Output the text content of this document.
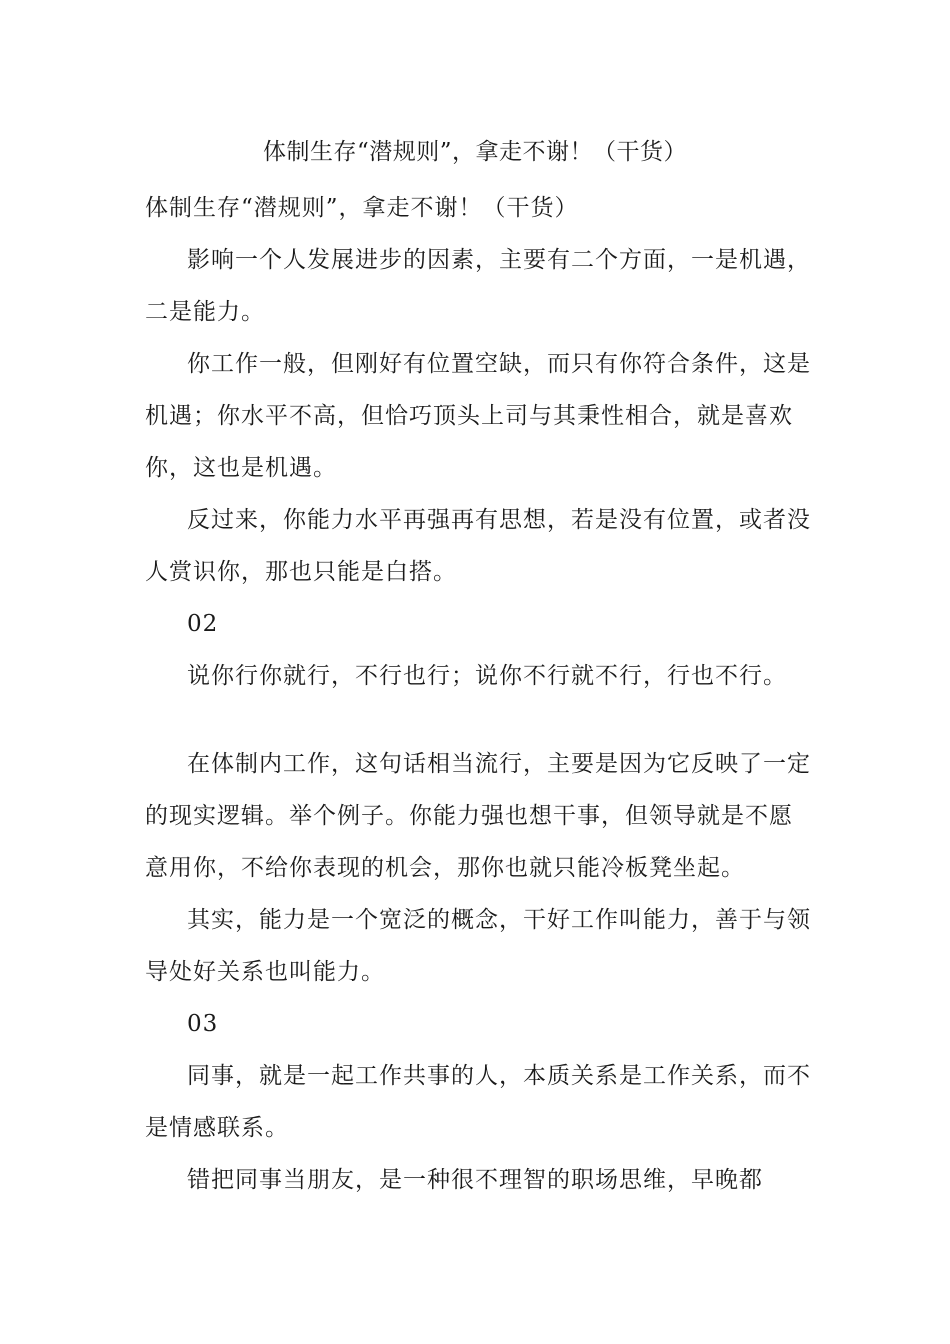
体制生存“潜规则”，拿走不谢！（干货）

体制生存“潜规则”，拿走不谢！（干货）

影响一个人发展进步的因素，主要有二个方面，一是机遇，二是能力。

你工作一般，但刚好有位置空缺，而只有你符合条件，这是机遇；你水平不高，但恰巧顶头上司与其秉性相合，就是喜欢你，这也是机遇。

反过来，你能力水平再强再有思想，若是没有位置，或者没人赏识你，那也只能是白搭。

02

说你行你就行，不行也行；说你不行就不行，行也不行。

在体制内工作，这句话相当流行，主要是因为它反映了一定的现实逻辑。举个例子。你能力强也想干事，但领导就是不愿意用你，不给你表现的机会，那你也就只能冷板凳坐起。

其实，能力是一个宽泛的概念，干好工作叫能力，善于与领导处好关系也叫能力。

03

同事，就是一起工作共事的人，本质关系是工作关系，而不是情感联系。

错把同事当朋友，是一种很不理智的职场思维，早晚都
